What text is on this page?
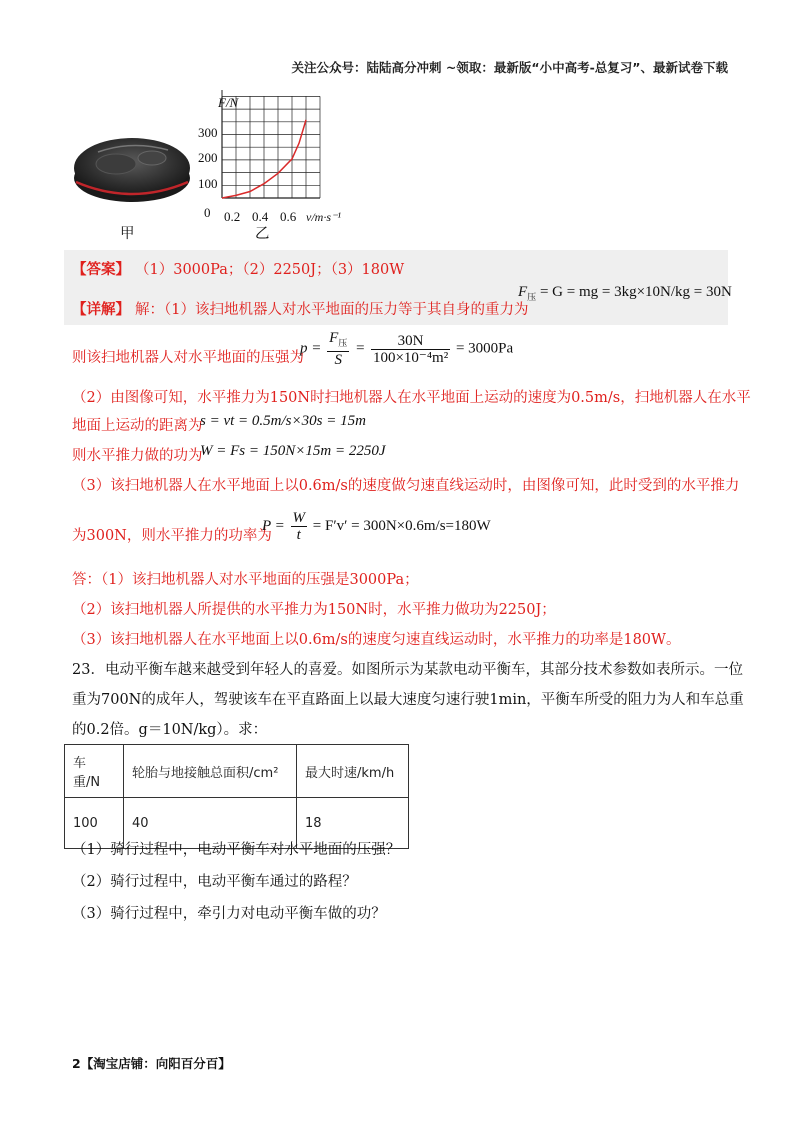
关注公众号：陆陆高分冲刺 ~领取：最新版“小中高考-总复习”、最新试卷下载
甲
F/N
0
300
200
100
0.2 0.4 0.6 v/m·s⁻¹
乙
【答案】 （1）3000Pa；（2）2250J；（3）180W
【详解】 解：（1）该扫地机器人对水平地面的压力等于其自身的重力为
$F_压 = G$ = mg = 3kg×10N/kg = 30N
则该扫地机器人对水平地面的压强为
$p = \frac{F_压}{S} = \frac{30N}{\text{100×10⁻⁴m²}} = 3000Pa$
（2）由图像可知，水平推力为150N时扫地机器人在水平地面上运动的速度为0.5m/s，扫地机器人在水平
地面上运动的距离为
s = vt = 0.5m/s×30s = 15m
则水平推力做的功为
W = Fs = 150N×15m = 2250J
（3）该扫地机器人在水平地面上以0.6m/s的速度做匀速直线运动时，由图像可知，此时受到的水平推力
为300N，则水平推力的功率为
$P = \frac{W}{t} = F'v' = 300N\times 0.6m/s=180W$
答：（1）该扫地机器人对水平地面的压强是3000Pa；
（2）该扫地机器人所提供的水平推力为150N时，水平推力做功为2250J；
（3）该扫地机器人在水平地面上以0.6m/s的速度匀速直线运动时，水平推力的功率是180W。
23．电动平衡车越来越受到年轻人的喜爱。如图所示为某款电动平衡车，其部分技术参数如表所示。一位
重为700N的成年人，驾驶该车在平直路面上以最大速度匀速行驶1min，平衡车所受的阻力为人和车总重
的0.2倍。g＝10N/kg）。求：
车
重/N	轮胎与地接触总面积/cm²	最大时速/km/h
100	40	18
（1）骑行过程中，电动平衡车对水平地面的压强？
（2）骑行过程中，电动平衡车通过的路程？
（3）骑行过程中，牵引力对电动平衡车做的功？
2【淘宝店铺：向阳百分百】
